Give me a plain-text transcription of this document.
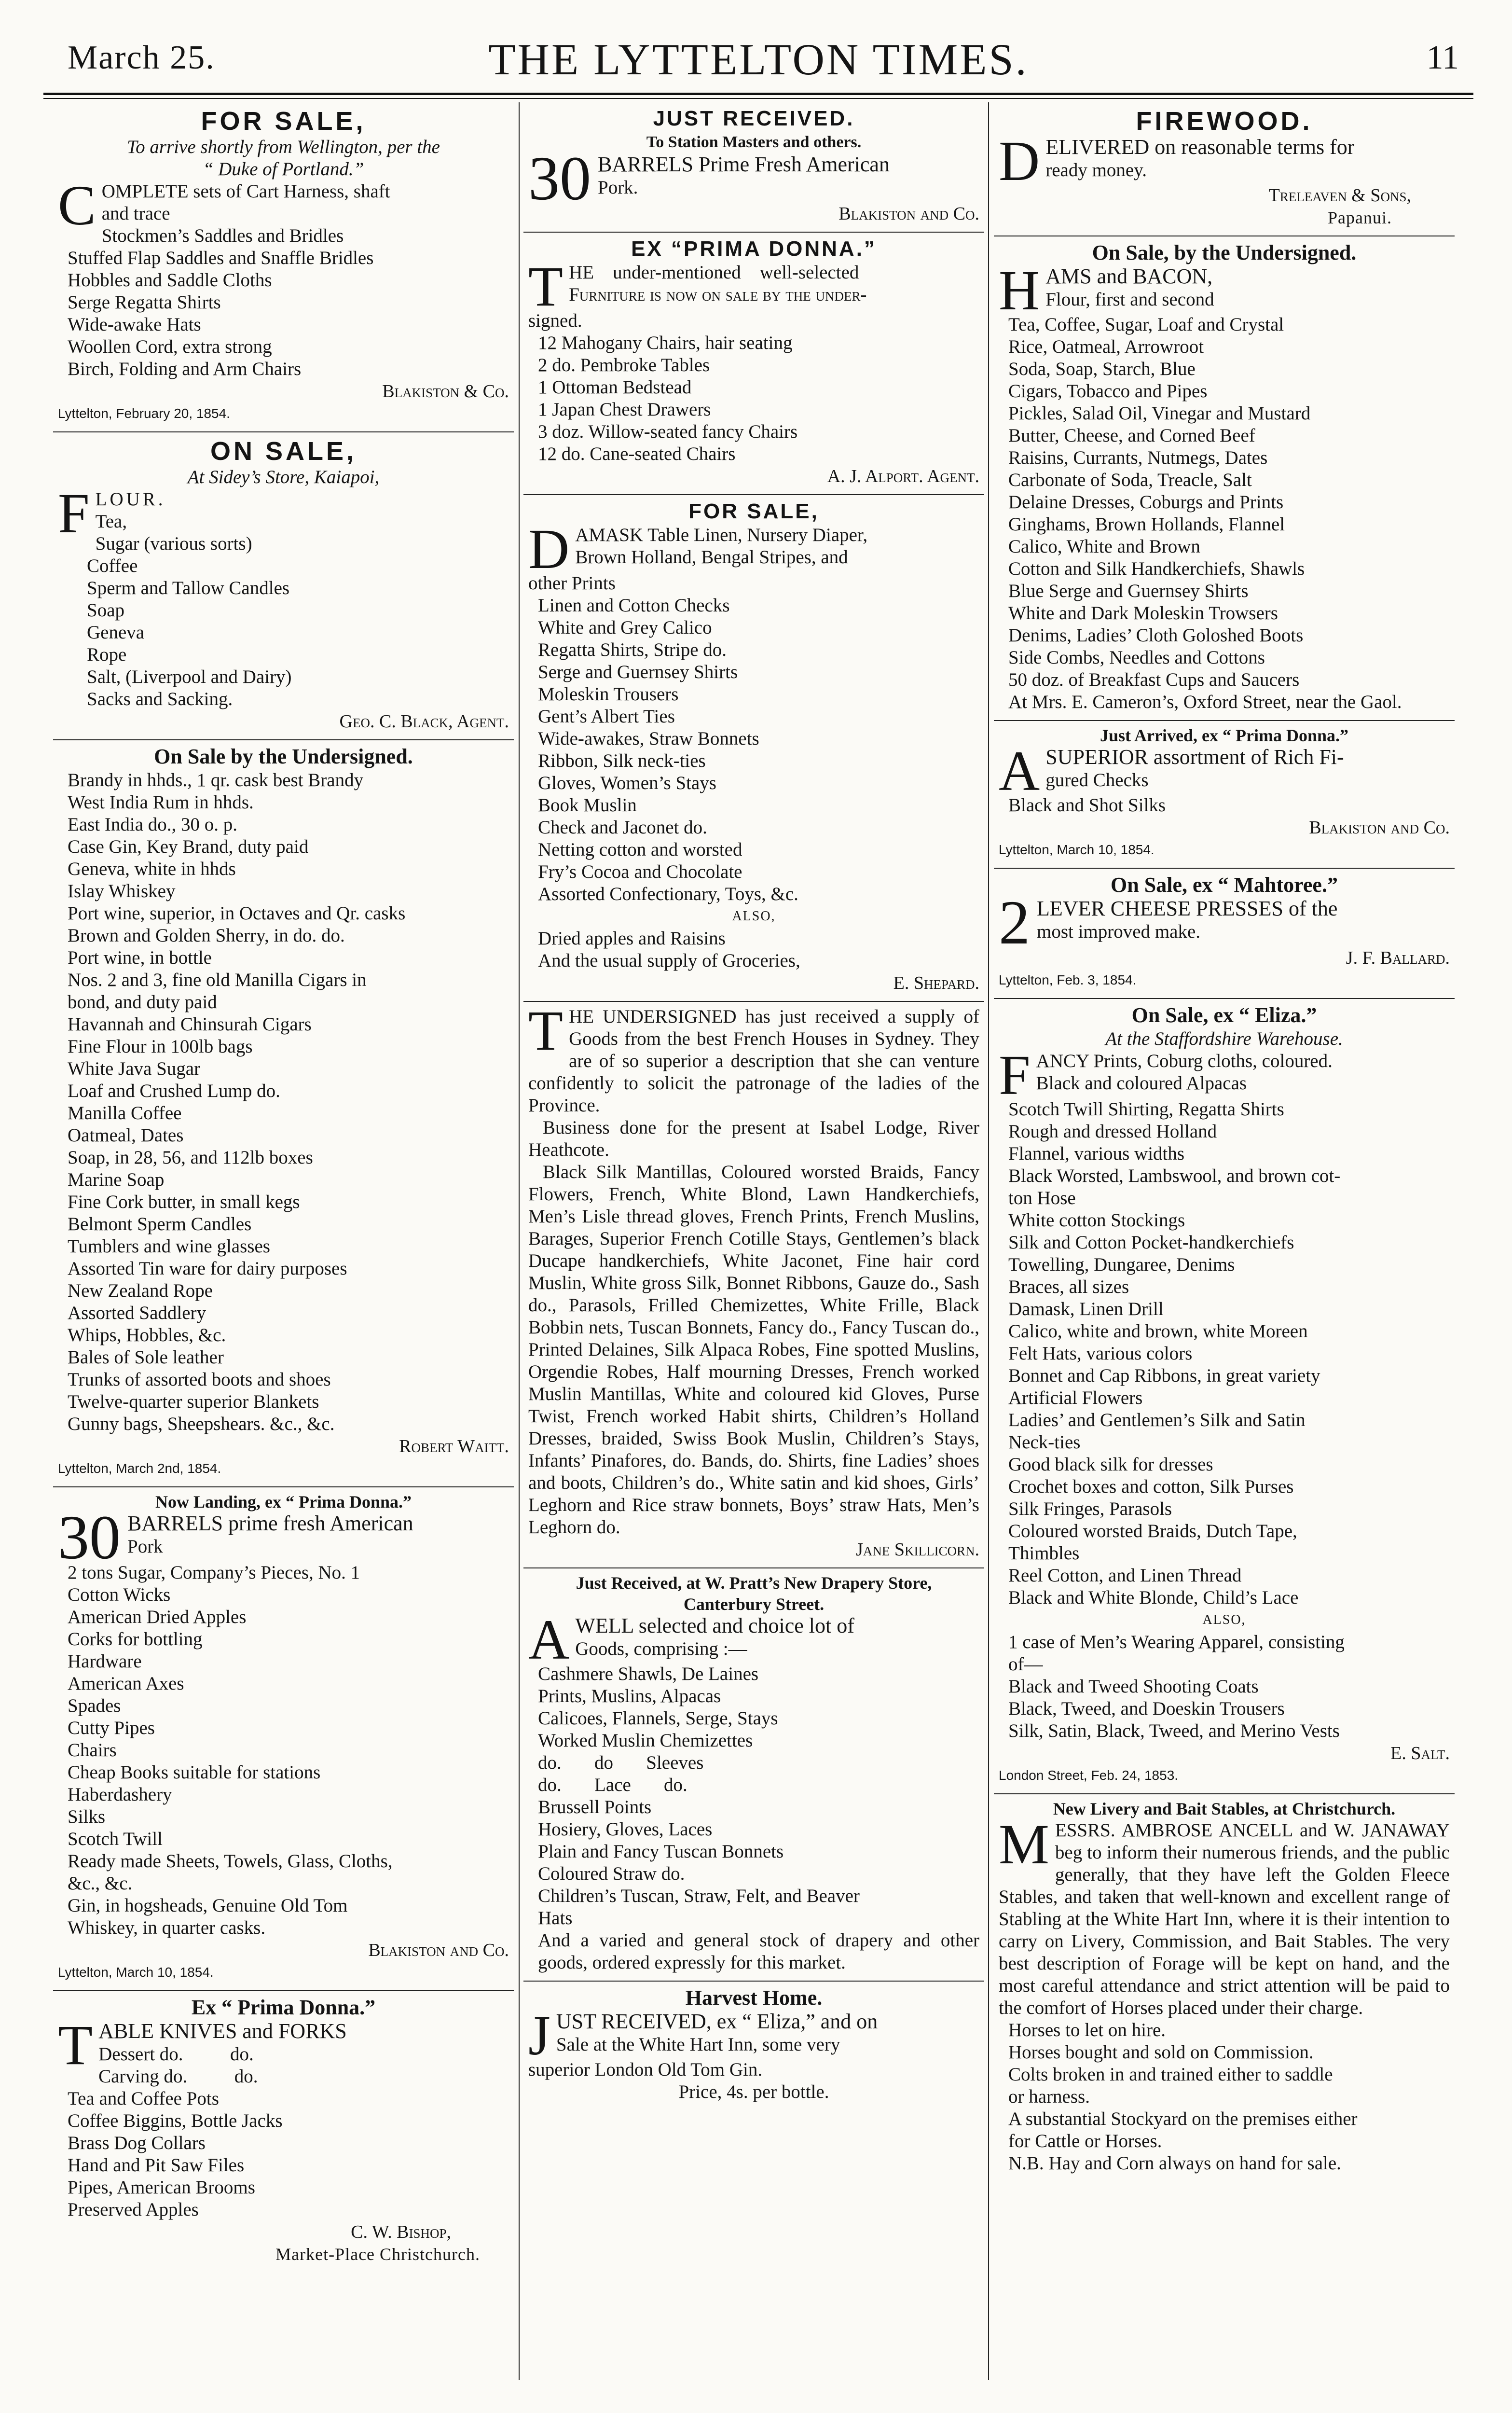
March 25.	THE LYTTELTON TIMES.	11
FOR SALE,
To arrive shortly from Wellington, per the
“ Duke of Portland.”
COMPLETE sets of Cart Harness, shaft
and trace
Stockmen’s Saddles and Bridles
Stuffed Flap Saddles and Snaffle Bridles
Hobbles and Saddle Cloths
Serge Regatta Shirts
Wide-awake Hats
Woollen Cord, extra strong
Birch, Folding and Arm Chairs
Blakiston & Co.
Lyttelton, February 20, 1854.
ON SALE,
At Sidey’s Store, Kaiapoi,
FLOUR.
Tea,
Sugar (various sorts)
Coffee
Sperm and Tallow Candles
Soap
Geneva
Rope
Salt, (Liverpool and Dairy)
Sacks and Sacking.
Geo. C. Black, Agent.
On Sale by the Undersigned.
Brandy in hhds., 1 qr. cask best Brandy
West India Rum in hhds.
East India do., 30 o. p.
Case Gin, Key Brand, duty paid
Geneva, white in hhds
Islay Whiskey
Port wine, superior, in Octaves and Qr. casks
Brown and Golden Sherry, in do. do.
Port wine, in bottle
Nos. 2 and 3, fine old Manilla Cigars in
bond, and duty paid
Havannah and Chinsurah Cigars
Fine Flour in 100lb bags
White Java Sugar
Loaf and Crushed Lump do.
Manilla Coffee
Oatmeal, Dates
Soap, in 28, 56, and 112lb boxes
Marine Soap
Fine Cork butter, in small kegs
Belmont Sperm Candles
Tumblers and wine glasses
Assorted Tin ware for dairy purposes
New Zealand Rope
Assorted Saddlery
Whips, Hobbles, &c.
Bales of Sole leather
Trunks of assorted boots and shoes
Twelve-quarter superior Blankets
Gunny bags, Sheepshears. &c., &c.
Robert Waitt.
Lyttelton, March 2nd, 1854.
Now Landing, ex “ Prima Donna.”
30 BARRELS prime fresh American
Pork
2 tons Sugar, Company’s Pieces, No. 1
Cotton Wicks
American Dried Apples
Corks for bottling
Hardware
American Axes
Spades
Cutty Pipes
Chairs
Cheap Books suitable for stations
Haberdashery
Silks
Scotch Twill
Ready made Sheets, Towels, Glass, Cloths,
&c., &c.
Gin, in hogsheads, Genuine Old Tom
Whiskey, in quarter casks.
Blakiston and Co.
Lyttelton, March 10, 1854.
Ex “ Prima Donna.”
TABLE KNIVES and FORKS
Dessert do.          do.
Carving do.          do.
Tea and Coffee Pots
Coffee Biggins, Bottle Jacks
Brass Dog Collars
Hand and Pit Saw Files
Pipes, American Brooms
Preserved Apples
C. W. Bishop,
Market-Place Christchurch.
JUST RECEIVED.
To Station Masters and others.
30 BARRELS Prime Fresh American
Pork.
Blakiston and Co.
EX “PRIMA DONNA.”
THE    under-mentioned    well-selected
Furniture is now on sale by the under-
signed.
12 Mahogany Chairs, hair seating
2 do. Pembroke Tables
1 Ottoman Bedstead
1 Japan Chest Drawers
3 doz. Willow-seated fancy Chairs
12 do. Cane-seated Chairs
A. J. Alport. Agent.
FOR SALE,
DAMASK Table Linen, Nursery Diaper,
Brown Holland, Bengal Stripes, and
other Prints
Linen and Cotton Checks
White and Grey Calico
Regatta Shirts, Stripe do.
Serge and Guernsey Shirts
Moleskin Trousers
Gent’s Albert Ties
Wide-awakes, Straw Bonnets
Ribbon, Silk neck-ties
Gloves, Women’s Stays
Book Muslin
Check and Jaconet do.
Netting cotton and worsted
Fry’s Cocoa and Chocolate
Assorted Confectionary, Toys, &c.
ALSO,
Dried apples and Raisins
And the usual supply of Groceries,
E. Shepard.
THE UNDERSIGNED has just received a supply of Goods from the best French Houses in Sydney. They are of so superior a description that she can venture confidently to solicit the patronage of the ladies of the Province.
Business done for the present at Isabel Lodge, River Heathcote.
Black Silk Mantillas, Coloured worsted Braids, Fancy Flowers, French, White Blond, Lawn Handkerchiefs, Men’s Lisle thread gloves, French Prints, French Muslins, Barages, Superior French Cotille Stays, Gentlemen’s black Ducape handkerchiefs, White Jaconet, Fine hair cord Muslin, White gross Silk, Bonnet Ribbons, Gauze do., Sash do., Parasols, Frilled Chemizettes, White Frille, Black Bobbin nets, Tuscan Bonnets, Fancy do., Fancy Tuscan do., Printed Delaines, Silk Alpaca Robes, Fine spotted Muslins, Orgendie Robes, Half mourning Dresses, French worked Muslin Mantillas, White and coloured kid Gloves, Purse Twist, French worked Habit shirts, Children’s Holland Dresses, braided, Swiss Book Muslin, Children’s Stays, Infants’ Pinafores, do. Bands, do. Shirts, fine Ladies’ shoes and boots, Children’s do., White satin and kid shoes, Girls’ Leghorn and Rice straw bonnets, Boys’ straw Hats, Men’s Leghorn do.
Jane Skillicorn.
Just Received, at W. Pratt’s New Drapery Store,
Canterbury Street.
AWELL selected and choice lot of
Goods, comprising :—
Cashmere Shawls, De Laines
Prints, Muslins, Alpacas
Calicoes, Flannels, Serge, Stays
Worked Muslin Chemizettes
do.       do       Sleeves
do.       Lace       do.
Brussell Points
Hosiery, Gloves, Laces
Plain and Fancy Tuscan Bonnets
Coloured Straw do.
Children’s Tuscan, Straw, Felt, and Beaver
Hats
And a varied and general stock of drapery and other goods, ordered expressly for this market.
Harvest Home.
JUST RECEIVED, ex “ Eliza,” and on
Sale at the White Hart Inn, some very
superior London Old Tom Gin.
Price, 4s. per bottle.
FIREWOOD.
DELIVERED on reasonable terms for
ready money.
Treleaven & Sons,
Papanui.
On Sale, by the Undersigned.
HAMS and BACON,
Flour, first and second
Tea, Coffee, Sugar, Loaf and Crystal
Rice, Oatmeal, Arrowroot
Soda, Soap, Starch, Blue
Cigars, Tobacco and Pipes
Pickles, Salad Oil, Vinegar and Mustard
Butter, Cheese, and Corned Beef
Raisins, Currants, Nutmegs, Dates
Carbonate of Soda, Treacle, Salt
Delaine Dresses, Coburgs and Prints
Ginghams, Brown Hollands, Flannel
Calico, White and Brown
Cotton and Silk Handkerchiefs, Shawls
Blue Serge and Guernsey Shirts
White and Dark Moleskin Trowsers
Denims, Ladies’ Cloth Goloshed Boots
Side Combs, Needles and Cottons
50 doz. of Breakfast Cups and Saucers
At Mrs. E. Cameron’s, Oxford Street, near the Gaol.
Just Arrived, ex “ Prima Donna.”
ASUPERIOR assortment of Rich Fi-
gured Checks
Black and Shot Silks
Blakiston and Co.
Lyttelton, March 10, 1854.
On Sale, ex “ Mahtoree.”
2 LEVER CHEESE PRESSES of the
most improved make.
J. F. Ballard.
Lyttelton, Feb. 3, 1854.
On Sale, ex “ Eliza.”
At the Staffordshire Warehouse.
FANCY Prints, Coburg cloths, coloured.
Black and coloured Alpacas
Scotch Twill Shirting, Regatta Shirts
Rough and dressed Holland
Flannel, various widths
Black Worsted, Lambswool, and brown cot-
ton Hose
White cotton Stockings
Silk and Cotton Pocket-handkerchiefs
Towelling, Dungaree, Denims
Braces, all sizes
Damask, Linen Drill
Calico, white and brown, white Moreen
Felt Hats, various colors
Bonnet and Cap Ribbons, in great variety
Artificial Flowers
Ladies’ and Gentlemen’s Silk and Satin
Neck-ties
Good black silk for dresses
Crochet boxes and cotton, Silk Purses
Silk Fringes, Parasols
Coloured worsted Braids, Dutch Tape,
Thimbles
Reel Cotton, and Linen Thread
Black and White Blonde, Child’s Lace
ALSO,
1 case of Men’s Wearing Apparel, consisting
of—
Black and Tweed Shooting Coats
Black, Tweed, and Doeskin Trousers
Silk, Satin, Black, Tweed, and Merino Vests
E. Salt.
London Street, Feb. 24, 1853.
New Livery and Bait Stables, at Christchurch.
MESSRS. AMBROSE ANCELL and W. JANAWAY beg to inform their numerous friends, and the public generally, that they have left the Golden Fleece Stables, and taken that well-known and excellent range of Stabling at the White Hart Inn, where it is their intention to carry on Livery, Commission, and Bait Stables. The very best description of Forage will be kept on hand, and the most careful attendance and strict attention will be paid to the comfort of Horses placed under their charge.
Horses to let on hire.
Horses bought and sold on Commission.
Colts broken in and trained either to saddle
or harness.
A substantial Stockyard on the premises either
for Cattle or Horses.
N.B. Hay and Corn always on hand for sale.
